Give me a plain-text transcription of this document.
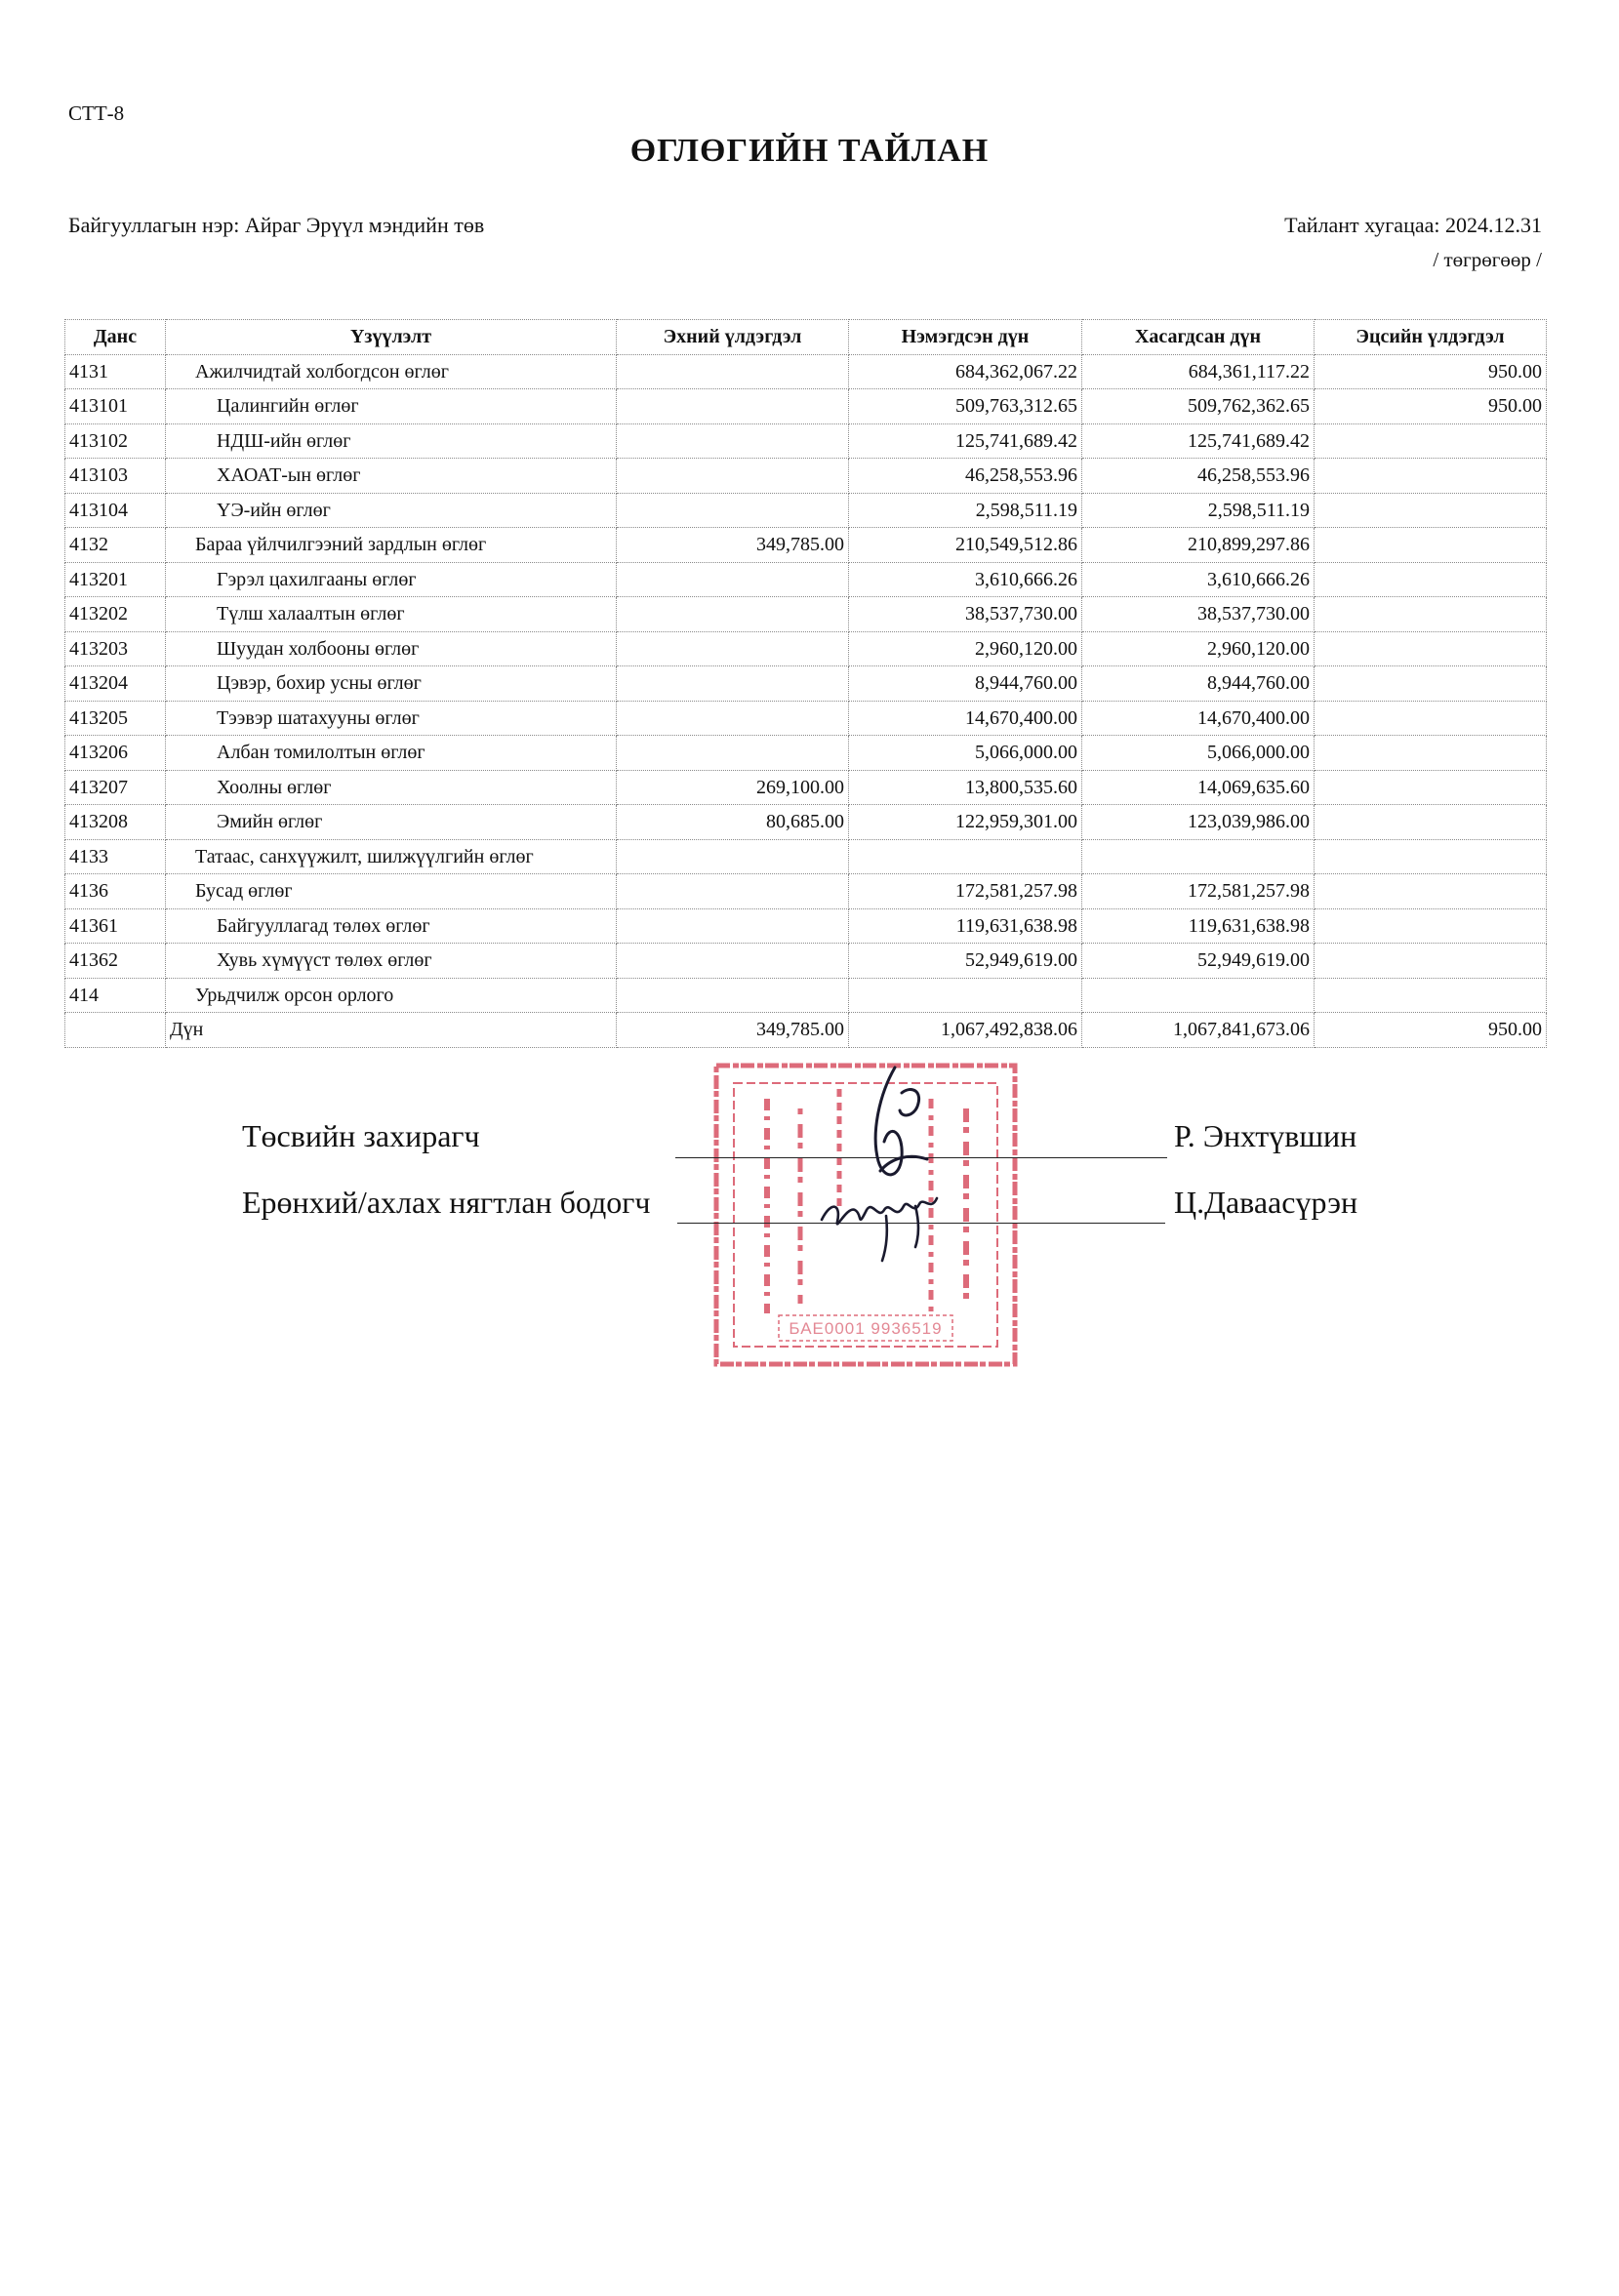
СТТ-8
ӨГЛӨГИЙН ТАЙЛАН
Байгууллагын нэр: Айраг Эрүүл мэндийн төв	Тайлант хугацаа: 2024.12.31
/ төгрөгөөр /
Данс	Үзүүлэлт	Эхний үлдэгдэл	Нэмэгдсэн дүн	Хасагдсан дүн	Эцсийн үлдэгдэл
4131	Ажилчидтай холбогдсон өглөг		684,362,067.22	684,361,117.22	950.00
413101	Цалингийн өглөг		509,763,312.65	509,762,362.65	950.00
413102	НДШ-ийн өглөг		125,741,689.42	125,741,689.42	
413103	ХАОАТ-ын өглөг		46,258,553.96	46,258,553.96	
413104	ҮЭ-ийн өглөг		2,598,511.19	2,598,511.19	
4132	Бараа үйлчилгээний зардлын өглөг	349,785.00	210,549,512.86	210,899,297.86	
413201	Гэрэл цахилгааны өглөг		3,610,666.26	3,610,666.26	
413202	Түлш халаалтын өглөг		38,537,730.00	38,537,730.00	
413203	Шуудан холбооны өглөг		2,960,120.00	2,960,120.00	
413204	Цэвэр, бохир усны өглөг		8,944,760.00	8,944,760.00	
413205	Тээвэр шатахууны өглөг		14,670,400.00	14,670,400.00	
413206	Албан томилолтын өглөг		5,066,000.00	5,066,000.00	
413207	Хоолны өглөг	269,100.00	13,800,535.60	14,069,635.60	
413208	Эмийн өглөг	80,685.00	122,959,301.00	123,039,986.00	
4133	Татаас, санхүүжилт, шилжүүлгийн өглөг				
4136	Бусад өглөг		172,581,257.98	172,581,257.98	
41361	Байгууллагад төлөх өглөг		119,631,638.98	119,631,638.98	
41362	Хувь хүмүүст төлөх өглөг		52,949,619.00	52,949,619.00	
414	Урьдчилж орсон орлого				
	Дүн	349,785.00	1,067,492,838.06	1,067,841,673.06	950.00
БАЕ0001 9936519
Төсвийн захирагч	Р. Энхтүвшин
Ерөнхий/ахлах нягтлан бодогч	Ц.Даваасүрэн
